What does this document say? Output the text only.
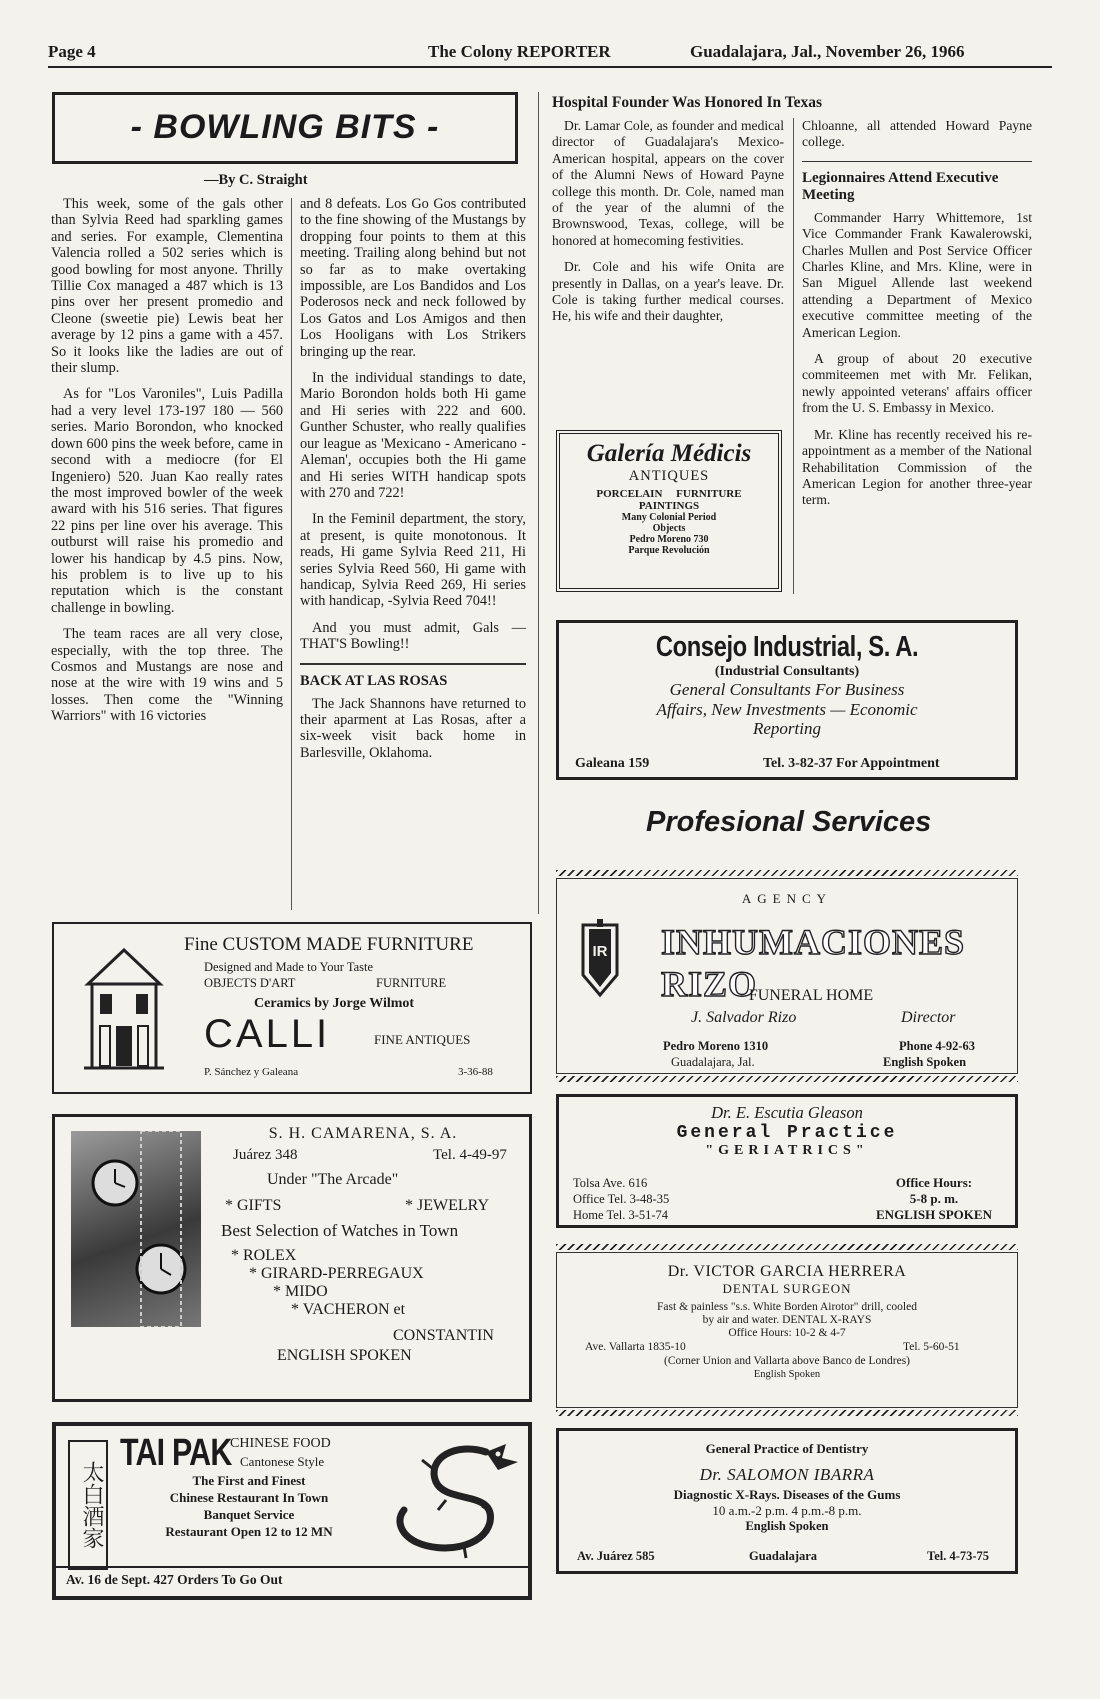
Page 4	The Colony REPORTER	Guadalajara, Jal., November 26, 1966
- BOWLING BITS -
—By C. Straight

This week, some of the gals other than Sylvia Reed had sparkling games and series. For example, Clementina Valencia rolled a 502 series which is good bowling for most anyone. Thrilly Tillie Cox managed a 487 which is 13 pins over her present promedio and Cleone (sweetie pie) Lewis beat her average by 12 pins a game with a 457. So it looks like the ladies are out of their slump.

As for "Los Varoniles", Luis Padilla had a very level 173-197 180 — 560 series. Mario Borondon, who knocked down 600 pins the week before, came in second with a mediocre (for El Ingeniero) 520. Juan Kao really rates the most improved bowler of the week award with his 516 series. That figures 22 pins per line over his average. This outburst will raise his promedio and lower his handicap by 4.5 pins. Now, his problem is to live up to his reputation which is the constant challenge in bowling.

The team races are all very close, especially, with the top three. The Cosmos and Mustangs are nose and nose at the wire with 19 wins and 5 losses. Then come the "Winning Warriors" with 16 victories

and 8 defeats. Los Go Gos contributed to the fine showing of the Mustangs by dropping four points to them at this meeting. Trailing along behind but not so far as to make overtaking impossible, are Los Bandidos and Los Poderosos neck and neck followed by Los Gatos and Los Amigos and then Los Hooligans with Los Strikers bringing up the rear.

In the individual standings to date, Mario Borondon holds both Hi game and Hi series with 222 and 600. Gunther Schuster, who really qualifies our league as 'Mexicano - Americano - Aleman', occupies both the Hi game and Hi series WITH handicap spots with 270 and 722!

In the Feminil department, the story, at present, is quite monotonous. It reads, Hi game Sylvia Reed 211, Hi series Sylvia Reed 560, Hi game with handicap, Sylvia Reed 269, Hi series with handicap, -Sylvia Reed 704!!

And you must admit, Gals — THAT'S Bowling!!

BACK AT LAS ROSAS

The Jack Shannons have returned to their aparment at Las Rosas, after a six-week visit back home in Barlesville, Oklahoma.

Hospital Founder Was Honored In Texas

Dr. Lamar Cole, as founder and medical director of Guadalajara's Mexico-American hospital, appears on the cover of the Alumni News of Howard Payne college this month. Dr. Cole, named man of the year of the alumni of the Brownswood, Texas, college, will be honored at homecoming festivities.

Dr. Cole and his wife Onita are presently in Dallas, on a year's leave. Dr. Cole is taking further medical courses. He, his wife and their daughter,

Chloanne, all attended Howard Payne college.

Legionnaires Attend Executive Meeting

Commander Harry Whittemore, 1st Vice Commander Frank Kawalerowski, Charles Mullen and Post Service Officer Charles Kline, and Mrs. Kline, were in San Miguel Allende last weekend attending a Department of Mexico executive committee meeting of the American Legion.

A group of about 20 executive commiteemen met with Mr. Felikan, newly appointed veterans' affairs officer from the U. S. Embassy in Mexico.

Mr. Kline has recently received his re-appointment as a member of the National Rehabilitation Commission of the American Legion for another three-year term.

Galería Médicis
ANTIQUES
PORCELAIN FURNITURE
PAINTINGS
Many Colonial Period
Objects
Pedro Moreno 730
Parque Revolución
Consejo Industrial, S. A.
(Industrial Consultants)
General Consultants For Business
Affairs, New Investments — Economic
Reporting
Galeana 159	Tel. 3-82-37 For Appointment
Profesional Services
AGENCY
IR	INHUMACIONES RIZO
FUNERAL HOME
J. Salvador Rizo	Director
Pedro Moreno 1310
Guadalajara, Jal.
Phone 4-92-63
English Spoken
Dr. E. Escutia Gleason
General Practice
"GERIATRICS"
Tolsa Ave. 616
Office Tel. 3-48-35
Home Tel. 3-51-74
Office Hours:
5-8 p. m.
ENGLISH SPOKEN
Dr. VICTOR GARCIA HERRERA
DENTAL SURGEON
Fast & painless "s.s. White Borden Airotor" drill, cooled
by air and water. DENTAL X-RAYS
Office Hours: 10-2 & 4-7
Ave. Vallarta 1835-10	Tel. 5-60-51
(Corner Union and Vallarta above Banco de Londres)
English Spoken
General Practice of Dentistry
Dr. SALOMON IBARRA
Diagnostic X-Rays. Diseases of the Gums
10 a.m.-2 p.m. 4 p.m.-8 p.m.
English Spoken
Av. Juárez 585	Guadalajara	Tel. 4-73-75
Fine CUSTOM MADE FURNITURE
Designed and Made to Your Taste
OBJECTS D'ART	FURNITURE
Ceramics by Jorge Wilmot
CALLI	FINE ANTIQUES
P. Sánchez y Galeana	3-36-88
S. H. CAMARENA, S. A.
Juárez 348	Tel. 4-49-97
Under "The Arcade"
* GIFTS	* JEWELRY
Best Selection of Watches in Town
* ROLEX
* GIRARD-PERREGAUX
* MIDO
* VACHERON et
CONSTANTIN
ENGLISH SPOKEN
太白酒家
TAI PAK
CHINESE FOOD
Cantonese Style
The First and Finest
Chinese Restaurant In Town
Banquet Service
Restaurant Open 12 to 12 MN
Av. 16 de Sept. 427 Orders To Go Out
